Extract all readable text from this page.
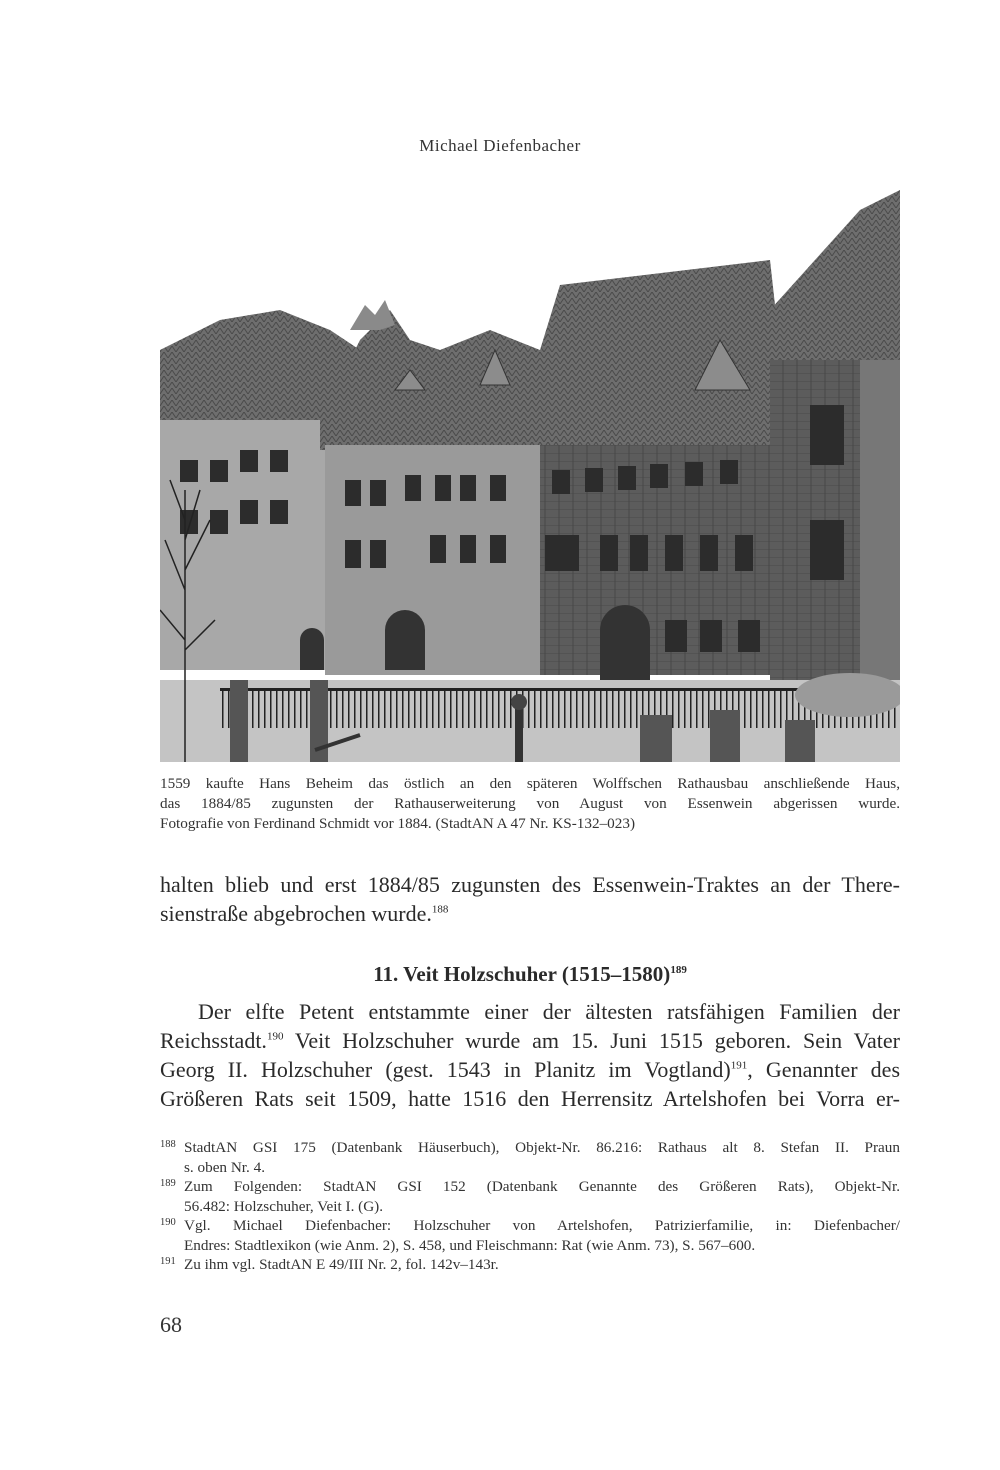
Michael Diefenbacher
1559 kaufte Hans Beheim das östlich an den späteren Wolffschen Rathausbau anschließende Haus,
das 1884/85 zugunsten der Rathauserweiterung von August von Essenwein abgerissen wurde.
Fotografie von Ferdinand Schmidt vor 1884. (StadtAN A 47 Nr. KS-132–023)
halten blieb und erst 1884/85 zugunsten des Essenwein-Traktes an der There-
sienstraße abgebrochen wurde.$^{188}$
11. Veit Holzschuher (1515–1580)$^{189}$
Der elfte Petent entstammte einer der ältesten ratsfähigen Familien der
Reichsstadt.$^{190}$ Veit Holzschuher wurde am 15. Juni 1515 geboren. Sein Vater
Georg II. Holzschuher (gest. 1543 in Planitz im Vogtland)$^{191}$, Genannter des
Größeren Rats seit 1509, hatte 1516 den Herrensitz Artelshofen bei Vorra er-
188 StadtAN GSI 175 (Datenbank Häuserbuch), Objekt-Nr. 86.216: Rathaus alt 8. Stefan II. Praun
s. oben Nr. 4.
189 Zum Folgenden: StadtAN GSI 152 (Datenbank Genannte des Größeren Rats), Objekt-Nr.
56.482: Holzschuher, Veit I. (G).
190 Vgl. Michael Diefenbacher: Holzschuher von Artelshofen, Patrizierfamilie, in: Diefenbacher/
Endres: Stadtlexikon (wie Anm. 2), S. 458, und Fleischmann: Rat (wie Anm. 73), S. 567–600.
191 Zu ihm vgl. StadtAN E 49/III Nr. 2, fol. 142v–143r.
68
